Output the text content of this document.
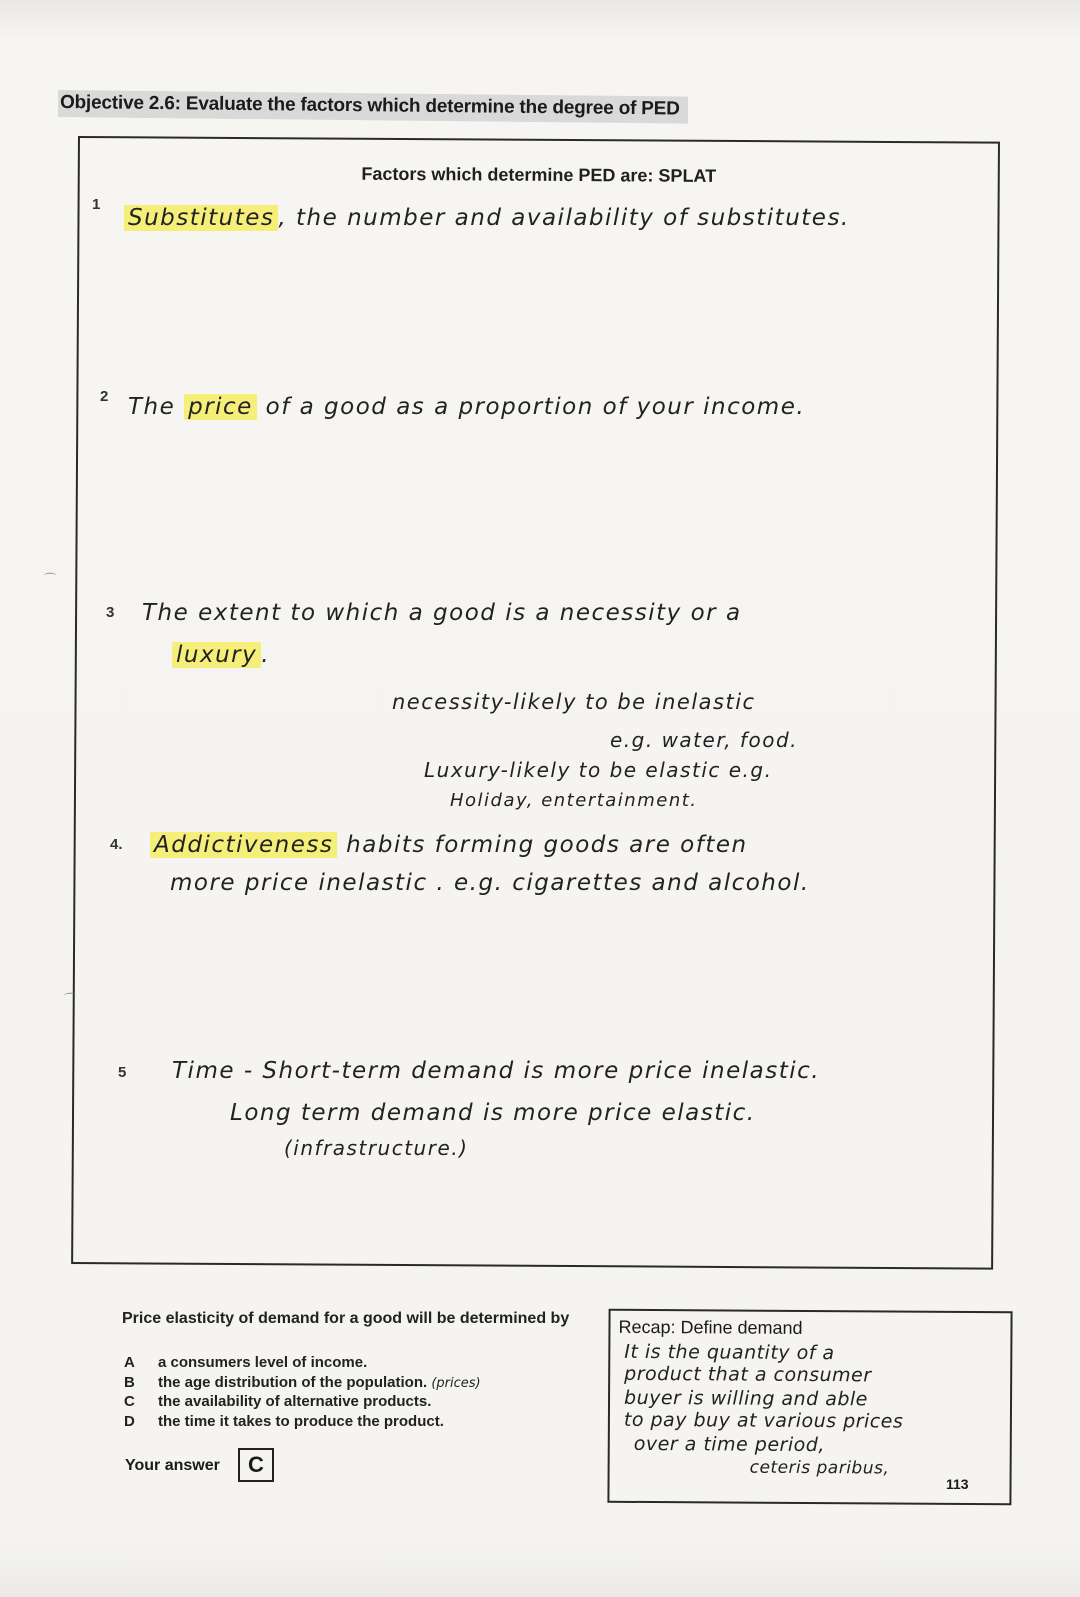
Objective 2.6: Evaluate the factors which determine the degree of PED
Factors which determine PED are: SPLAT
1
Substitutes , the number and availability of substitutes.
2 The price of a good as a proportion of your income.
⌒
3 The extent to which a good is a necessity or a
luxury .
necessity-likely to be inelastic
e.g. water, food.
Luxury-likely to be elastic e.g.
Holiday, entertainment.
4. Addictiveness habits forming goods are often
more price inelastic . e.g. cigarettes and alcohol.
⌒
5 Time - Short-term demand is more price inelastic.
Long term demand is more price elastic.
(infrastructure.)
Price elasticity of demand for a good will be determined by
A a consumers level of income.
B the age distribution of the population. (prices)
C the availability of alternative products.
D the time it takes to produce the product.
Your answer	C
Recap: Define demand
It is the quantity of a
product that a consumer
buyer is willing and able
to pay buy at various prices
over a time period,
ceteris paribus,
113
